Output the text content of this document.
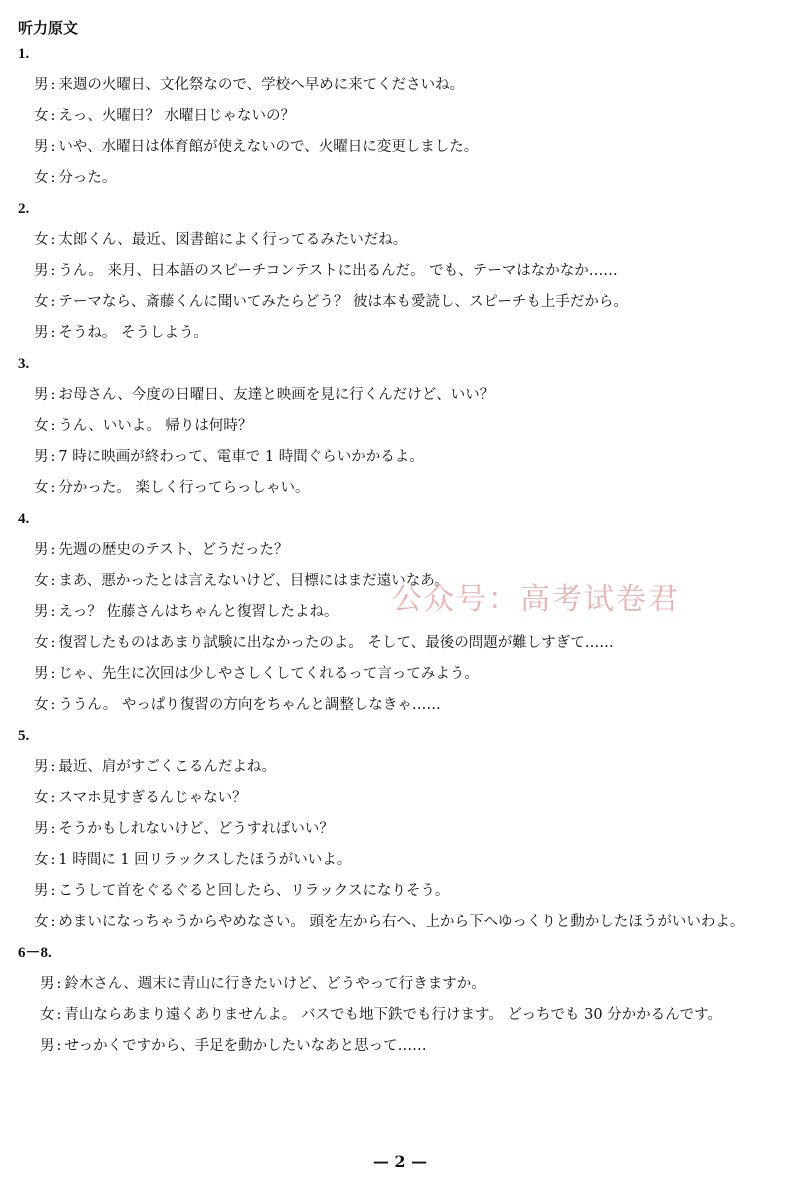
听力原文
1.
男 : 来週の火曜日、文化祭なので、学校へ早めに来てくださいね。
女 : えっ、火曜日？ 水曜日じゃないの？
男 : いや、水曜日は体育館が使えないので、火曜日に変更しました。
女 : 分った。
2.
女 : 太郎くん、最近、図書館によく行ってるみたいだね。
男 : うん。 来月、日本語のスピーチコンテストに出るんだ。 でも、テーマはなかなか……
女 : テーマなら、斎藤くんに聞いてみたらどう？ 彼は本も愛読し、スピーチも上手だから。
男 : そうね。 そうしよう。
3.
男 : お母さん、今度の日曜日、友達と映画を見に行くんだけど、いい？
女 : うん、いいよ。 帰りは何時？
男 : 7 時に映画が終わって、電車で 1 時間ぐらいかかるよ。
女 : 分かった。 楽しく行ってらっしゃい。
4.
男 : 先週の歴史のテスト、どうだった？
女 : まあ、悪かったとは言えないけど、目標にはまだ遠いなあ。
男 : えっ？ 佐藤さんはちゃんと復習したよね。
女 : 復習したものはあまり試験に出なかったのよ。 そして、最後の問題が難しすぎて……
男 : じゃ、先生に次回は少しやさしくしてくれるって言ってみよう。
女 : ううん。 やっぱり復習の方向をちゃんと調整しなきゃ……
5.
男 : 最近、肩がすごくこるんだよね。
女 : スマホ見すぎるんじゃない？
男 : そうかもしれないけど、どうすればいい？
女 : 1 時間に 1 回リラックスしたほうがいいよ。
男 : こうして首をぐるぐると回したら、リラックスになりそう。
女 : めまいになっちゃうからやめなさい。 頭を左から右へ、上から下へゆっくりと動かしたほうがいいわよ。
6－8.
男 : 鈴木さん、週末に青山に行きたいけど、どうやって行きますか。
女 : 青山ならあまり遠くありませんよ。 バスでも地下鉄でも行けます。 どっちでも 30 分かかるんです。
男 : せっかくですから、手足を動かしたいなあと思って……
公众号：高考试卷君
— 2 —
